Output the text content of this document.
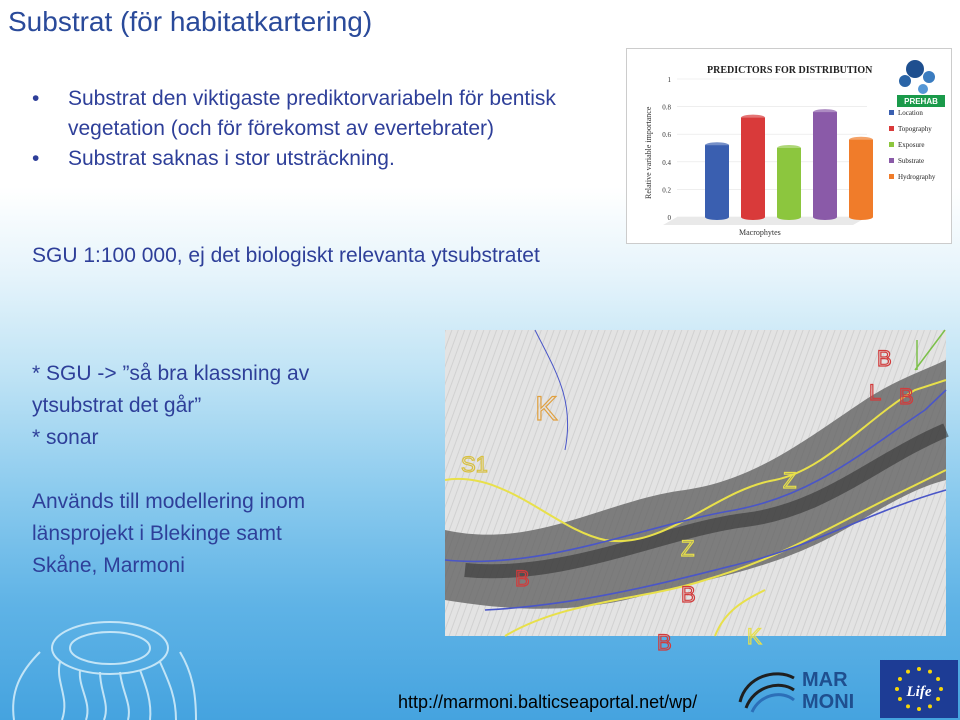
Substrat (för habitatkartering)
• Substrat den viktigaste prediktorvariabeln för bentisk vegetation (och för förekomst av evertebrater)
• Substrat saknas i stor utsträckning.

SGU 1:100 000, ej det biologiskt relevanta ytsubstratet

* SGU -> ”så bra klassning av
ytsubstrat det går”
* sonar
Används till modellering inom
länsprojekt i Blekinge samt
Skåne, Marmoni
PREDICTORS FOR DISTRIBUTION
Relative variable importance
Macrophytes
PREHAB
0
0.2
0.4
0.6
0.8
1
Location
Topography
Exposure
Substrate
Hydrography
B
L B
K
S1
Z
Z
B
B
B	K
http://marmoni.balticseaportal.net/wp/
MAR
MONI	Life
